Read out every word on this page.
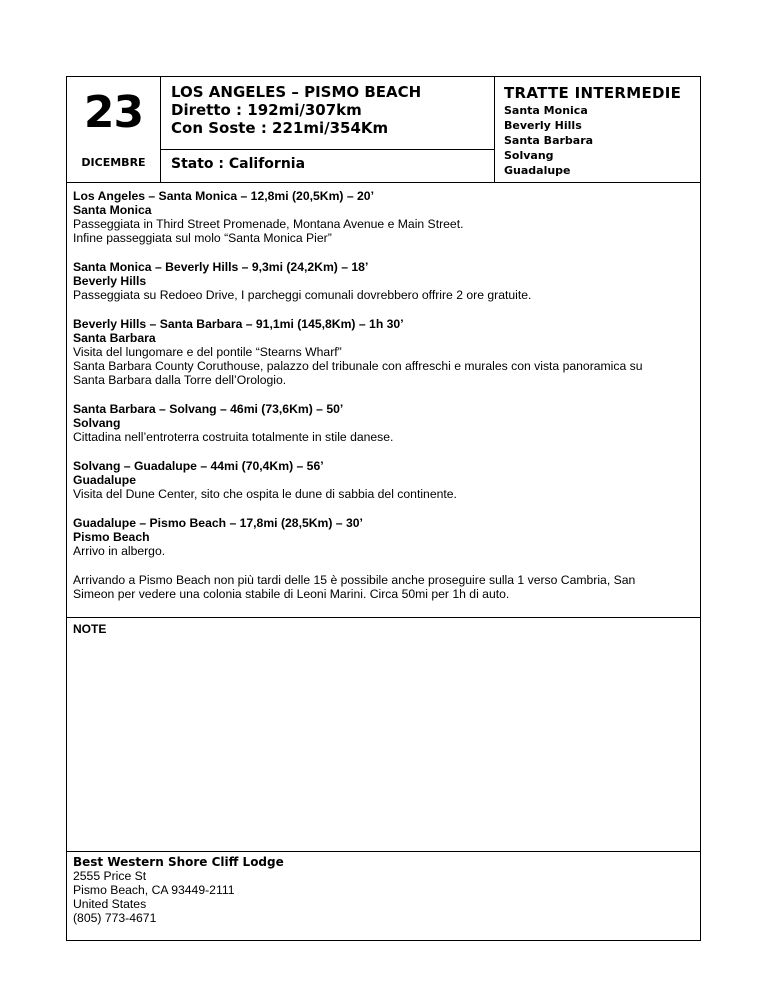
23
DICEMBRE
LOS ANGELES – PISMO BEACH
Diretto : 192mi/307km
Con Soste : 221mi/354Km
Stato : California
TRATTE INTERMEDIE
Santa Monica
Beverly Hills
Santa Barbara
Solvang
Guadalupe
Los Angeles – Santa Monica – 12,8mi (20,5Km) – 20’
Santa Monica
Passeggiata in Third Street Promenade, Montana Avenue e Main Street.
Infine passeggiata sul molo “Santa Monica Pier”
Santa Monica – Beverly Hills – 9,3mi (24,2Km) – 18’
Beverly Hills
Passeggiata su Redoeo Drive, I parcheggi comunali dovrebbero offrire 2 ore gratuite.
Beverly Hills – Santa Barbara – 91,1mi (145,8Km) – 1h 30’
Santa Barbara
Visita del lungomare e del pontile “Stearns Wharf”
Santa Barbara County Coruthouse, palazzo del tribunale con affreschi e murales con vista panoramica su
Santa Barbara dalla Torre dell’Orologio.
Santa Barbara – Solvang – 46mi (73,6Km) – 50’
Solvang
Cittadina nell’entroterra costruita totalmente in stile danese.
Solvang – Guadalupe – 44mi (70,4Km) – 56’
Guadalupe
Visita del Dune Center, sito che ospita le dune di sabbia del continente.
Guadalupe – Pismo Beach – 17,8mi (28,5Km) – 30’
Pismo Beach
Arrivo in albergo.
Arrivando a Pismo Beach non più tardi delle 15 è possibile anche proseguire sulla 1 verso Cambria, San
Simeon per vedere una colonia stabile di Leoni Marini. Circa 50mi per 1h di auto.
NOTE
Best Western Shore Cliff Lodge
2555 Price St
Pismo Beach, CA 93449-2111
United States
(805) 773-4671
